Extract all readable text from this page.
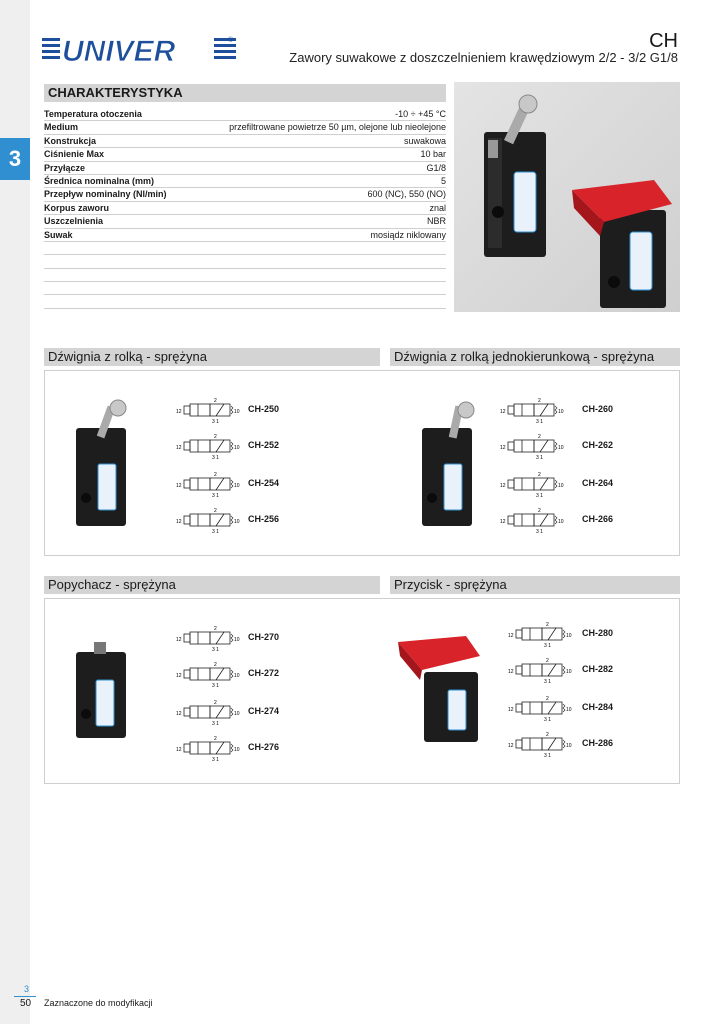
3
UNIVER	®	CH
Zawory suwakowe z doszczelnieniem krawędziowym 2/2 - 3/2 G1/8
CHARAKTERYSTYKA
Temperatura otoczenia	-10 ÷ +45 °C
Medium	przefiltrowane powietrze 50 µm, olejone lub nieolejone
Konstrukcja	suwakowa
Ciśnienie Max	10 bar
Przyłącze	G1/8
Średnica nominalna (mm)	5
Przepływ nominalny (Nl/min)	600 (NC), 550 (NO)
Korpus zaworu	znal
Uszczelnienia	NBR
Suwak	mosiądz niklowany
Dźwignia z rolką - sprężyna	Dźwignia z rolką jednokierunkową - sprężyna
Popychacz - sprężyna	Przycisk - sprężyna
12	10
2
3 1
CH-250
12	10
2
3 1
CH-252
12	10
2
3 1
CH-254
12	10
2
3 1
CH-256
12	10
2
3 1
CH-260
12	10
2
3 1
CH-262
12	10
2
3 1
CH-264
12	10
2
3 1
CH-266
12	10
2
3 1
CH-270
12	10
2
3 1
CH-272
12	10
2
3 1
CH-274
12	10
2
3 1
CH-276
12	10
2
3 1
CH-280
12	10
2
3 1
CH-282
12	10
2
3 1
CH-284
12	10
2
3 1
CH-286
3
50 Zaznaczone do modyfikacji
